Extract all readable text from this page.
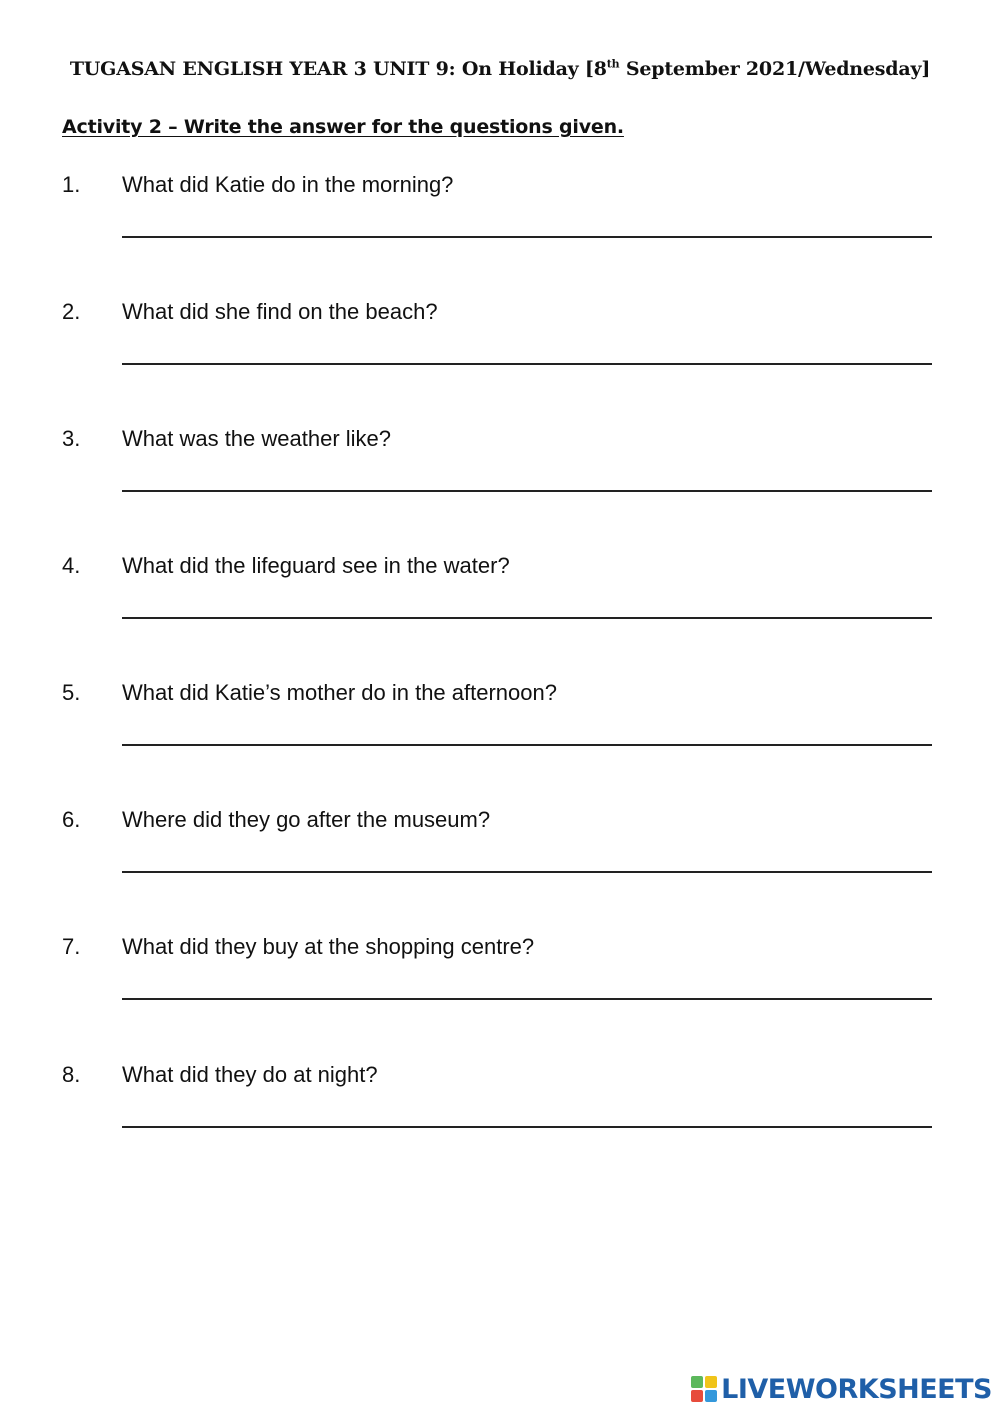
TUGASAN ENGLISH YEAR 3 UNIT 9: On Holiday [8th September 2021/Wednesday]
Activity 2 – Write the answer for the questions given.
1. What did Katie do in the morning?
2. What did she find on the beach?
3. What was the weather like?
4. What did the lifeguard see in the water?
5. What did Katie’s mother do in the afternoon?
6. Where did they go after the museum?
7. What did they buy at the shopping centre?
8. What did they do at night?
LIVEWORKSHEETS
